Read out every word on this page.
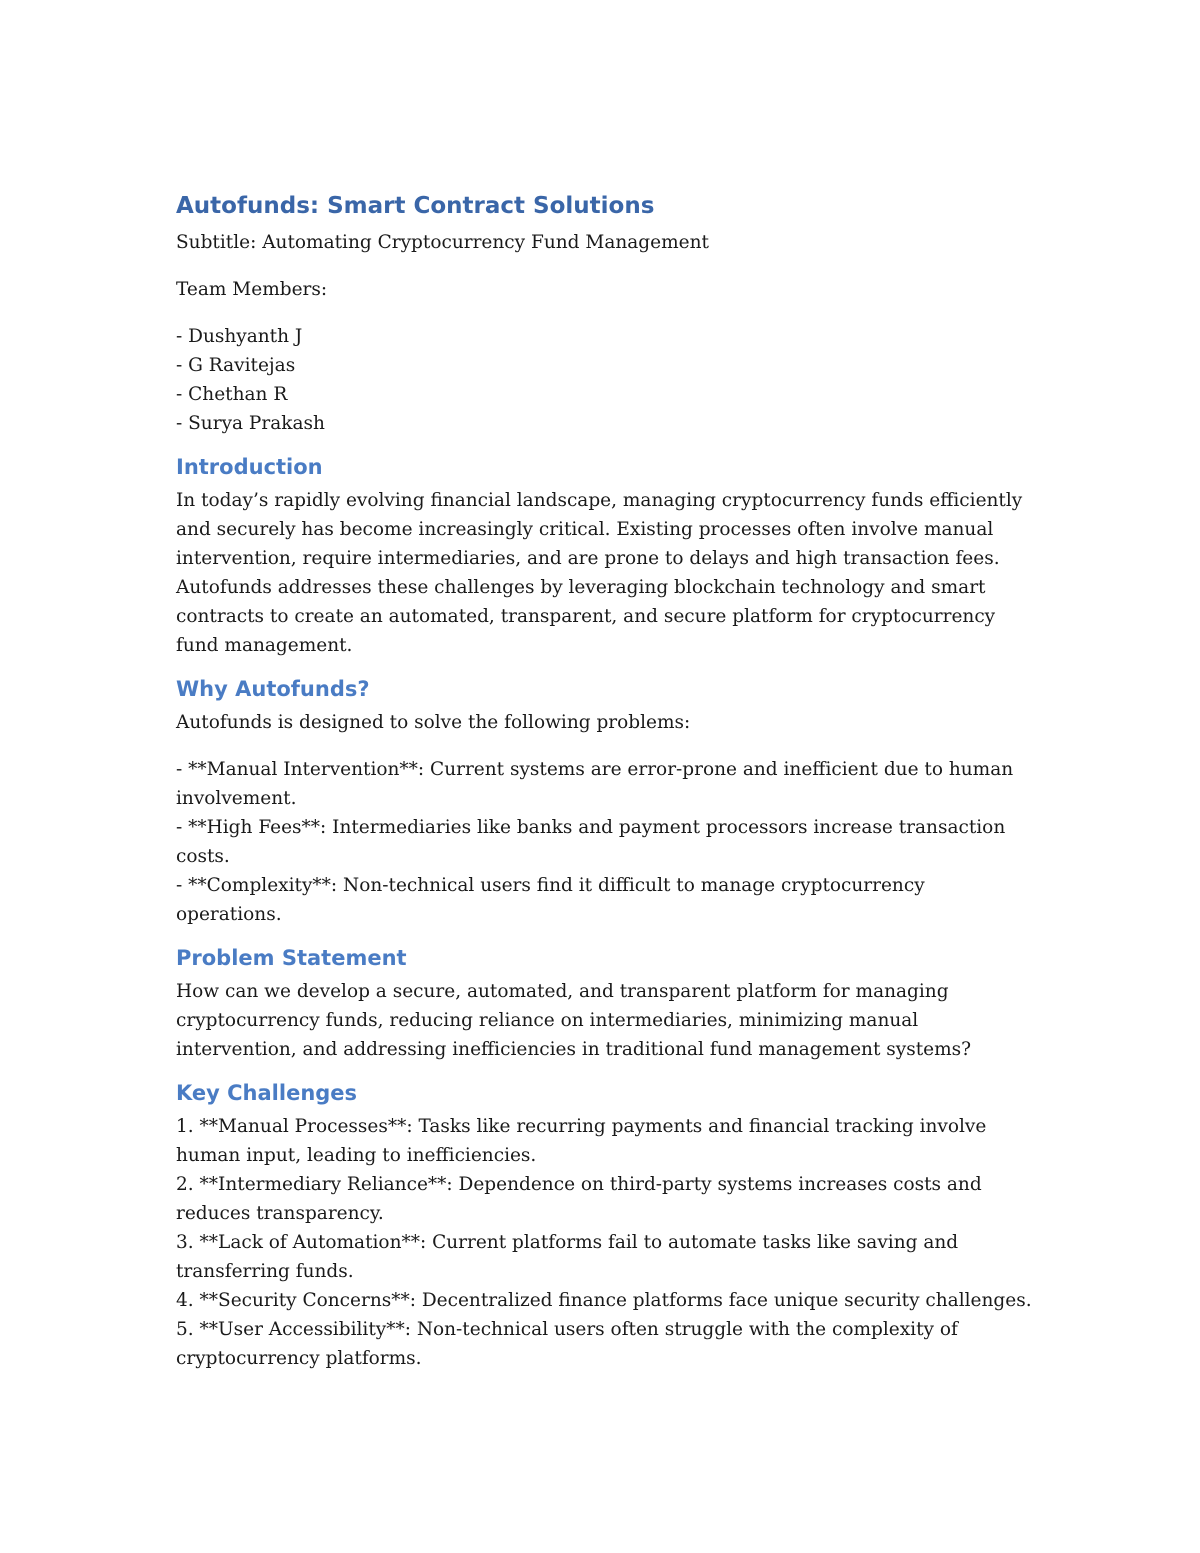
Autofunds: Smart Contract Solutions

Subtitle: Automating Cryptocurrency Fund Management

Team Members:

- Dushyanth J
- G Ravitejas
- Chethan R
- Surya Prakash
Introduction

In today’s rapidly evolving financial landscape, managing cryptocurrency funds efficiently and securely has become increasingly critical. Existing processes often involve manual intervention, require intermediaries, and are prone to delays and high transaction fees. Autofunds addresses these challenges by leveraging blockchain technology and smart contracts to create an automated, transparent, and secure platform for cryptocurrency fund management.

Why Autofunds?

Autofunds is designed to solve the following problems:

- **Manual Intervention**: Current systems are error-prone and inefficient due to human involvement.
- **High Fees**: Intermediaries like banks and payment processors increase transaction costs.
- **Complexity**: Non-technical users find it difficult to manage cryptocurrency operations.
Problem Statement

How can we develop a secure, automated, and transparent platform for managing cryptocurrency funds, reducing reliance on intermediaries, minimizing manual intervention, and addressing inefficiencies in traditional fund management systems?

Key Challenges
1. **Manual Processes**: Tasks like recurring payments and financial tracking involve human input, leading to inefficiencies.
2. **Intermediary Reliance**: Dependence on third-party systems increases costs and reduces transparency.
3. **Lack of Automation**: Current platforms fail to automate tasks like saving and transferring funds.
4. **Security Concerns**: Decentralized finance platforms face unique security challenges.
5. **User Accessibility**: Non-technical users often struggle with the complexity of cryptocurrency platforms.
